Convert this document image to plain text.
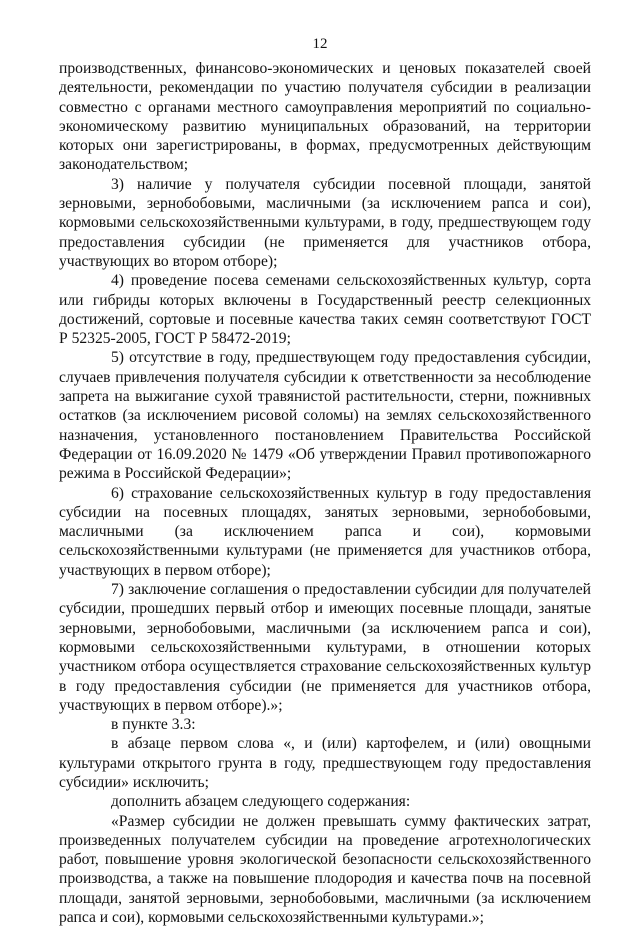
12

производственных, финансово-экономических и ценовых показателей своей деятельности, рекомендации по участию получателя субсидии в реализации совместно с органами местного самоуправления мероприятий по социально-экономическому развитию муниципальных образований, на территории которых они зарегистрированы, в формах, предусмотренных действующим законодательством;

3) наличие у получателя субсидии посевной площади, занятой зерновыми, зернобобовыми, масличными (за исключением рапса и сои), кормовыми сельскохозяйственными культурами, в году, предшествующем году предоставления субсидии (не применяется для участников отбора, участвующих во втором отборе);

4) проведение посева семенами сельскохозяйственных культур, сорта или гибриды которых включены в Государственный реестр селекционных достижений, сортовые и посевные качества таких семян соответствуют ГОСТ Р 52325-2005, ГОСТ Р 58472-2019;

5) отсутствие в году, предшествующем году предоставления субсидии, случаев привлечения получателя субсидии к ответственности за несоблюдение запрета на выжигание сухой травянистой растительности, стерни, пожнивных остатков (за исключением рисовой соломы) на землях сельскохозяйственного назначения, установленного постановлением Правительства Российской Федерации от 16.09.2020 № 1479 «Об утверждении Правил противопожарного режима в Российской Федерации»;

6) страхование сельскохозяйственных культур в году предоставления субсидии на посевных площадях, занятых зерновыми, зернобобовыми, масличными (за исключением рапса и сои), кормовыми сельскохозяйственными культурами (не применяется для участников отбора, участвующих в первом отборе);

7) заключение соглашения о предоставлении субсидии для получателей субсидии, прошедших первый отбор и имеющих посевные площади, занятые зерновыми, зернобобовыми, масличными (за исключением рапса и сои), кормовыми сельскохозяйственными культурами, в отношении которых участником отбора осуществляется страхование сельскохозяйственных культур в году предоставления субсидии (не применяется для участников отбора, участвующих в первом отборе).»;

в пункте 3.3:

в абзаце первом слова «, и (или) картофелем, и (или) овощными культурами открытого грунта в году, предшествующем году предоставления субсидии» исключить;

дополнить абзацем следующего содержания:

«Размер субсидии не должен превышать сумму фактических затрат, произведенных получателем субсидии на проведение агротехнологических работ, повышение уровня экологической безопасности сельскохозяйственного производства, а также на повышение плодородия и качества почв на посевной площади, занятой зерновыми, зернобобовыми, масличными (за исключением рапса и сои), кормовыми сельскохозяйственными культурами.»;
